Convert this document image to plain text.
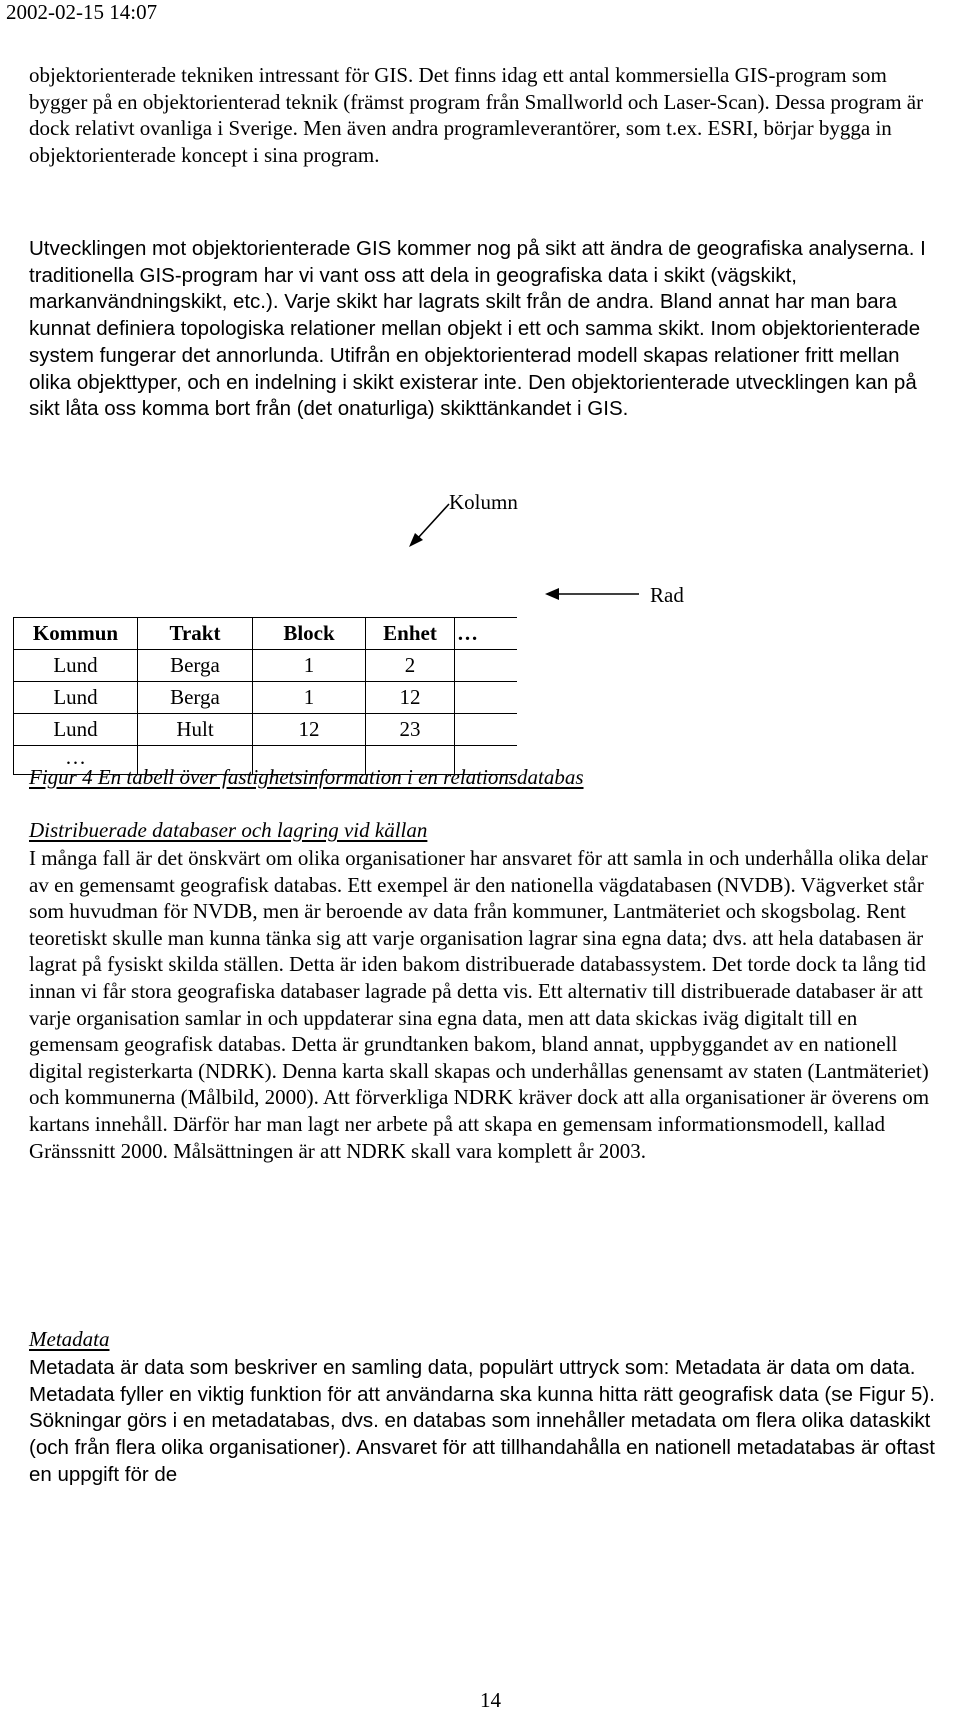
2002-02-15 14:07

objektorienterade tekniken intressant för GIS. Det finns idag ett antal kommersiella GIS-program som bygger på en objektorienterad teknik (främst program från Smallworld och Laser-Scan). Dessa program är dock relativt ovanliga i Sverige. Men även andra programleverantörer, som t.ex. ESRI, börjar bygga in objektorienterade koncept i sina program.

Utvecklingen mot objektorienterade GIS kommer nog på sikt att ändra de geografiska analyserna. I traditionella GIS-program har vi vant oss att dela in geografiska data i skikt (vägskikt, markanvändningskikt, etc.). Varje skikt har lagrats skilt från de andra. Bland annat har man bara kunnat definiera topologiska relationer mellan objekt i ett och samma skikt. Inom objektorienterade system fungerar det annorlunda. Utifrån en objektorienterad modell skapas relationer fritt mellan olika objekttyper, och en indelning i skikt existerar inte. Den objektorienterade utvecklingen kan på sikt låta oss komma bort från (det onaturliga) skikttänkandet i GIS.

Kolumn
Kommun	Trakt	Block	Enhet	…
Lund	Berga	1	2	
Lund	Berga	1	12	
Lund	Hult	12	23	
…				
Rad

Figur 4 En tabell över fastighetsinformation i en relationsdatabas

Distribuerade databaser och lagring vid källan

I många fall är det önskvärt om olika organisationer har ansvaret för att samla in och underhålla olika delar av en gemensamt geografisk databas. Ett exempel är den nationella vägdatabasen (NVDB). Vägverket står som huvudman för NVDB, men är beroende av data från kommuner, Lantmäteriet och skogsbolag. Rent teoretiskt skulle man kunna tänka sig att varje organisation lagrar sina egna data; dvs. att hela databasen är lagrat på fysiskt skilda ställen. Detta är iden bakom distribuerade databassystem. Det torde dock ta lång tid innan vi får stora geografiska databaser lagrade på detta vis. Ett alternativ till distribuerade databaser är att varje organisation samlar in och uppdaterar sina egna data, men att data skickas iväg digitalt till en gemensam geografisk databas. Detta är grundtanken bakom, bland annat, uppbyggandet av en nationell digital registerkarta (NDRK). Denna karta skall skapas och underhållas genensamt av staten (Lantmäteriet) och kommunerna (Målbild, 2000). Att förverkliga NDRK kräver dock att alla organisationer är överens om kartans innehåll. Därför har man lagt ner arbete på att skapa en gemensam informationsmodell, kallad Gränssnitt 2000. Målsättningen är att NDRK skall vara komplett år 2003.

Metadata

Metadata är data som beskriver en samling data, populärt uttryck som: Metadata är data om data. Metadata fyller en viktig funktion för att användarna ska kunna hitta rätt geografisk data (se Figur 5). Sökningar görs i en metadatabas, dvs. en databas som innehåller metadata om flera olika dataskikt (och från flera olika organisationer). Ansvaret för att tillhandahålla en nationell metadatabas är oftast en uppgift för de

14
